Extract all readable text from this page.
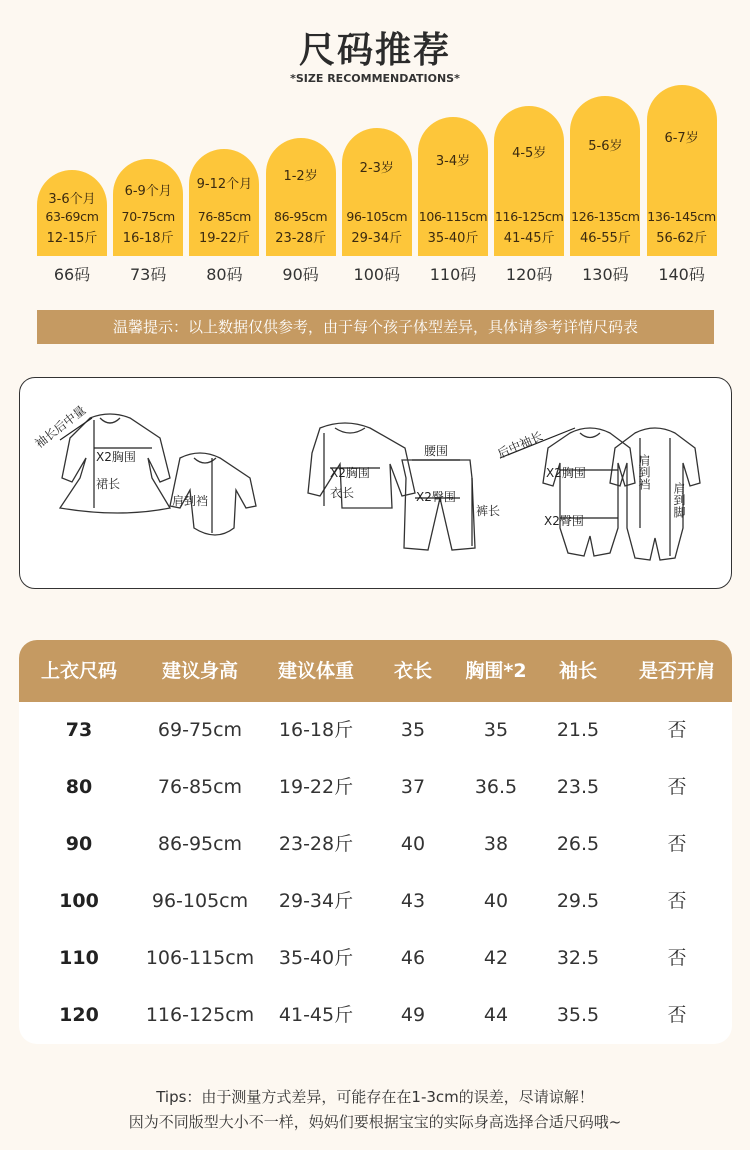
尺码推荐
*SIZE RECOMMENDATIONS*
3-6个月
63-69cm
12-15斤
6-9个月
70-75cm
16-18斤
9-12个月
76-85cm
19-22斤
1-2岁
86-95cm
23-28斤
2-3岁
96-105cm
29-34斤
3-4岁
106-115cm
35-40斤
4-5岁
116-125cm
41-45斤
5-6岁
126-135cm
46-55斤
6-7岁
136-145cm
56-62斤
66码	73码	80码	90码	100码	110码	120码	130码	140码
温馨提示：以上数据仅供参考，由于每个孩子体型差异，具体请参考详情尺码表
袖长后中量
X2胸围
裙长
肩到裆
X2胸围
衣长
腰围
X2臀围
裤长
后中袖长
X2胸围
X2臀围
肩到裆
肩到脚
上衣尺码	建议身高	建议体重	衣长	胸围*2	袖长	是否开肩
73	69-75cm	16-18斤	35	35	21.5	否
80	76-85cm	19-22斤	37	36.5	23.5	否
90	86-95cm	23-28斤	40	38	26.5	否
100	96-105cm	29-34斤	43	40	29.5	否
110	106-115cm	35-40斤	46	42	32.5	否
120	116-125cm	41-45斤	49	44	35.5	否
Tips：由于测量方式差异，可能存在在1-3cm的误差，尽请谅解！
因为不同版型大小不一样，妈妈们要根据宝宝的实际身高选择合适尺码哦~
